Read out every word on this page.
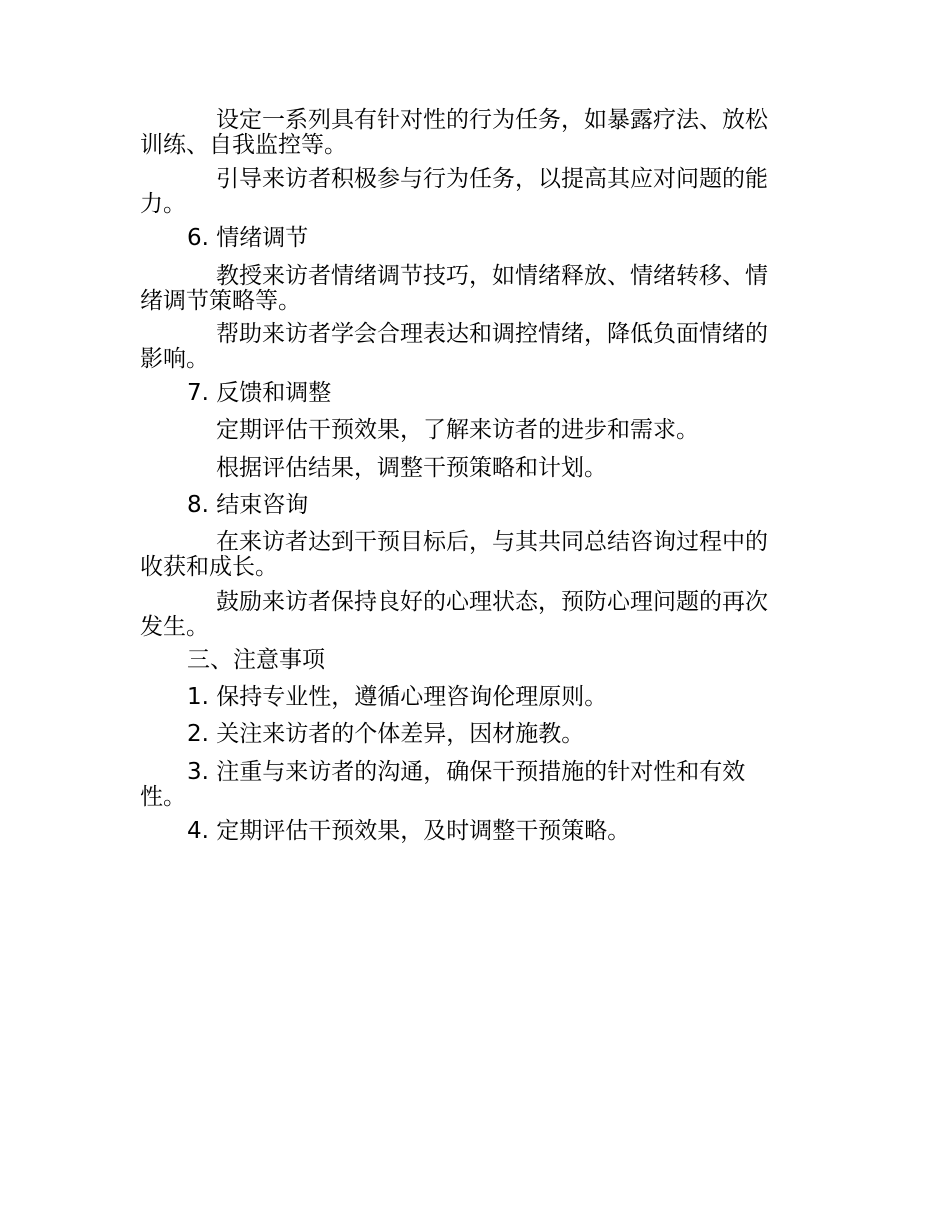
设定一系列具有针对性的行为任务，如暴露疗法、放松训练、自我监控等。

引导来访者积极参与行为任务，以提高其应对问题的能力。

6. 情绪调节

教授来访者情绪调节技巧，如情绪释放、情绪转移、情绪调节策略等。

帮助来访者学会合理表达和调控情绪，降低负面情绪的影响。

7. 反馈和调整

定期评估干预效果，了解来访者的进步和需求。

根据评估结果，调整干预策略和计划。

8. 结束咨询

在来访者达到干预目标后，与其共同总结咨询过程中的收获和成长。

鼓励来访者保持良好的心理状态，预防心理问题的再次发生。

三、注意事项

1. 保持专业性，遵循心理咨询伦理原则。

2. 关注来访者的个体差异，因材施教。

3. 注重与来访者的沟通，确保干预措施的针对性和有效性。

4. 定期评估干预效果，及时调整干预策略。
